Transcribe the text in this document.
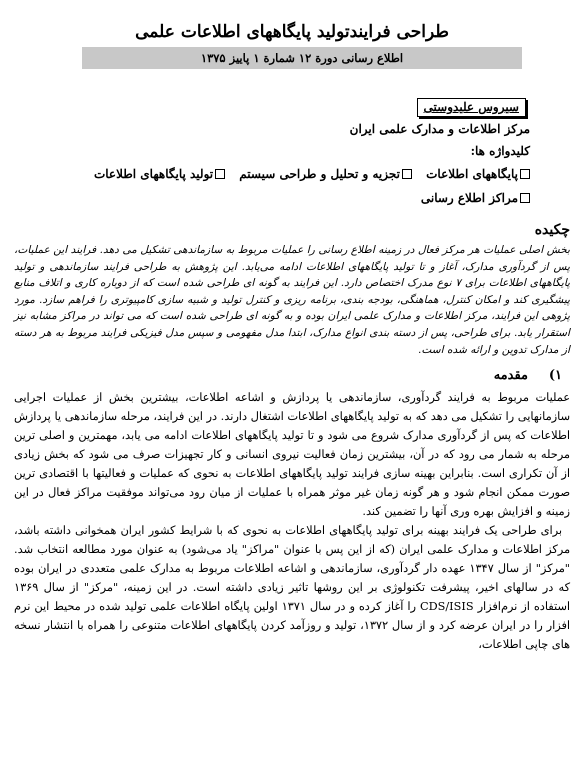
طراحی فرایندتولید پایگاههای اطلاعات علمی
اطلاع رسانی دورة ۱۲ شمارة ۱ پاییز ۱۳۷۵
سیروس علیدوستی
مرکز اطلاعات و مدارک علمی ایران
کلیدواژه ها:
پایگاههای اطلاعات تجزیه و تحلیل و طراحی سیستم تولید پایگاههای اطلاعات
مراکز اطلاع رسانی
چکیده
بخش اصلی عملیات هر مرکز فعال در زمینه اطلاع رسانی را عملیات مربوط به سازماندهی تشکیل می دهد. فرایند این عملیات، پس از گردآوری مدارک، آغاز و تا تولید پایگاههای اطلاعات ادامه می‌یابد. این پژوهش به طراحی فرایند سازماندهی و تولید پایگاههای اطلاعات برای ۷ نوع مدرک اختصاص دارد. این فرایند به گونه ای طراحی شده است که از دوباره کاری و اتلاف منابع پیشگیری کند و امکان کنترل، هماهنگی، بودجه بندی، برنامه ریزی و کنترل تولید و شبیه سازی کامپیوتری را فراهم سازد. مورد پژوهی این فرایند، مرکز اطلاعات و مدارک علمی ایران بوده و به گونه ای طراحی شده است که می تواند در مراکز مشابه نیز استقرار یابد. برای طراحی، پس از دسته بندی انواع مدارک، ابتدا مدل مفهومی و سپس مدل فیزیکی فرایند مربوط به هر دسته از مدارک تدوین و ارائه شده است.
۱)
مقدمه

عملیات مربوط به فرایند گردآوری، سازماندهی یا پردازش و اشاعه اطلاعات، بیشترین بخش از عملیات اجرایی سازمانهایی را تشکیل می دهد که به تولید پایگاههای اطلاعات اشتغال دارند. در این فرایند، مرحله سازماندهی یا پردازش اطلاعات که پس از گردآوری مدارک شروع می شود و تا تولید پایگاههای اطلاعات ادامه می یابد، مهمترین و اصلی ترین مرحله به شمار می رود که در آن، بیشترین زمان فعالیت نیروی انسانی و کار تجهیزات صرف می شود که بخش زیادی از آن تکراری است. بنابراین بهینه سازی فرایند تولید پایگاههای اطلاعات به نحوی که عملیات و فعالیتها با اقتصادی ترین صورت ممکن انجام شود و هر گونه زمان غیر موثر همراه با عملیات از میان رود می‌تواند موفقیت مراکز فعال در این زمینه و افزایش بهره وری آنها را تضمین کند.

برای طراحی یک فرایند بهینه برای تولید پایگاههای اطلاعات به نحوی که با شرایط کشور ایران همخوانی داشته باشد، مرکز اطلاعات و مدارک علمی ایران (که از این پس با عنوان "مراکز" یاد می‌شود) به عنوان مورد مطالعه انتخاب شد. "مرکز" از سال ۱۳۴۷ عهده دار گردآوری، سازماندهی و اشاعه اطلاعات مربوط به مدارک علمی متعددی در ایران بوده که در سالهای اخیر، پیشرفت تکنولوژی بر این روشها تاثیر زیادی داشته است. در این زمینه، "مرکز" از سال ۱۳۶۹ استفاده از نرم‌افزار CDS/ISIS را آغاز کرده و در سال ۱۳۷۱ اولین پایگاه اطلاعات علمی تولید شده در محیط این نرم افزار را در ایران عرضه کرد و از سال ۱۳۷۲، تولید و روزآمد کردن پایگاههای اطلاعات متنوعی را همراه با انتشار نسخه های چاپی اطلاعات،
